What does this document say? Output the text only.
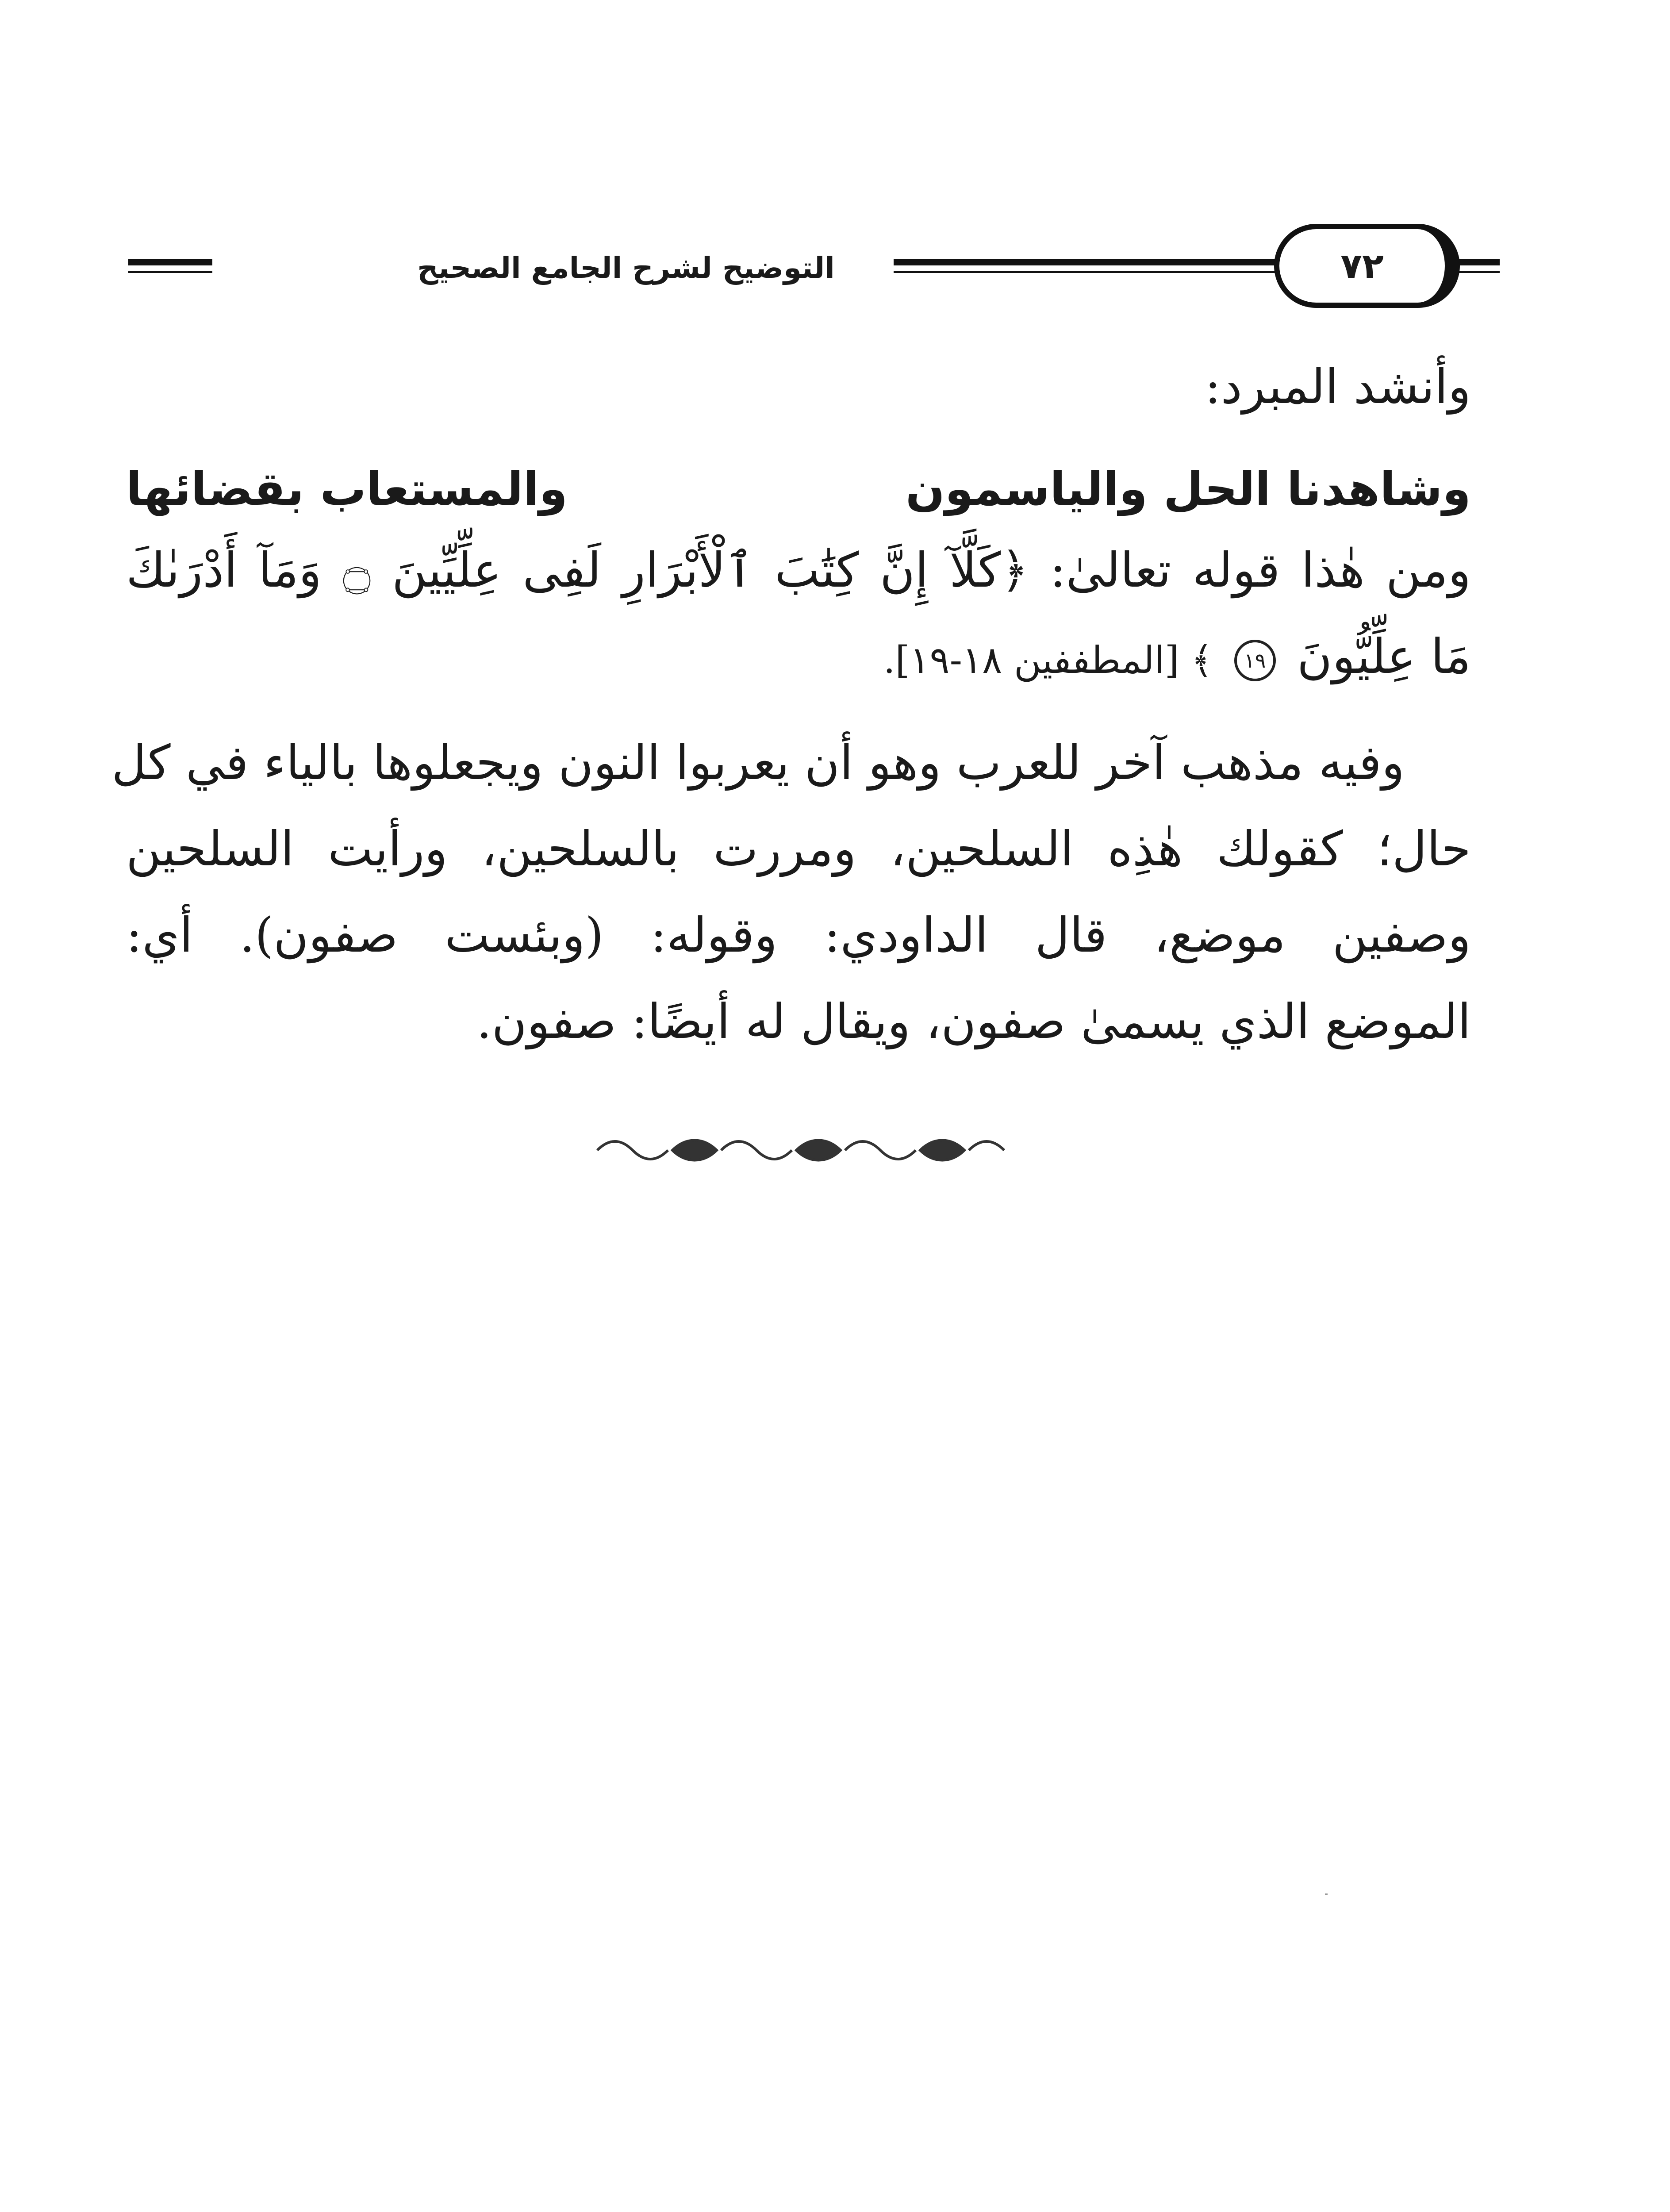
التوضيح لشرح الجامع الصحيح	٧٢
وأنشد المبرد:
وشاهدنا الحل والياسمون
والمستعاب بقضائها
ومن هٰذا قوله تعالىٰ: ﴿كَلَّآ إِنَّ كِتَٰبَ ٱلْأَبْرَارِ لَفِى عِلِّيِّينَ ۝ وَمَآ أَدْرَىٰكَ
مَا عِلِّيُّونَ ١٩ ﴾ [المطففين ١٨-١٩].
وفيه مذهب آخر للعرب وهو أن يعربوا النون ويجعلوها بالياء في كل
حال؛ كقولك هٰذِه السلحين، ومررت بالسلحين، ورأيت السلحين
وصفين موضع، قال الداودي: وقوله: (وبئست صفون). أي:
الموضع الذي يسمىٰ صفون، ويقال له أيضًا: صفون.
